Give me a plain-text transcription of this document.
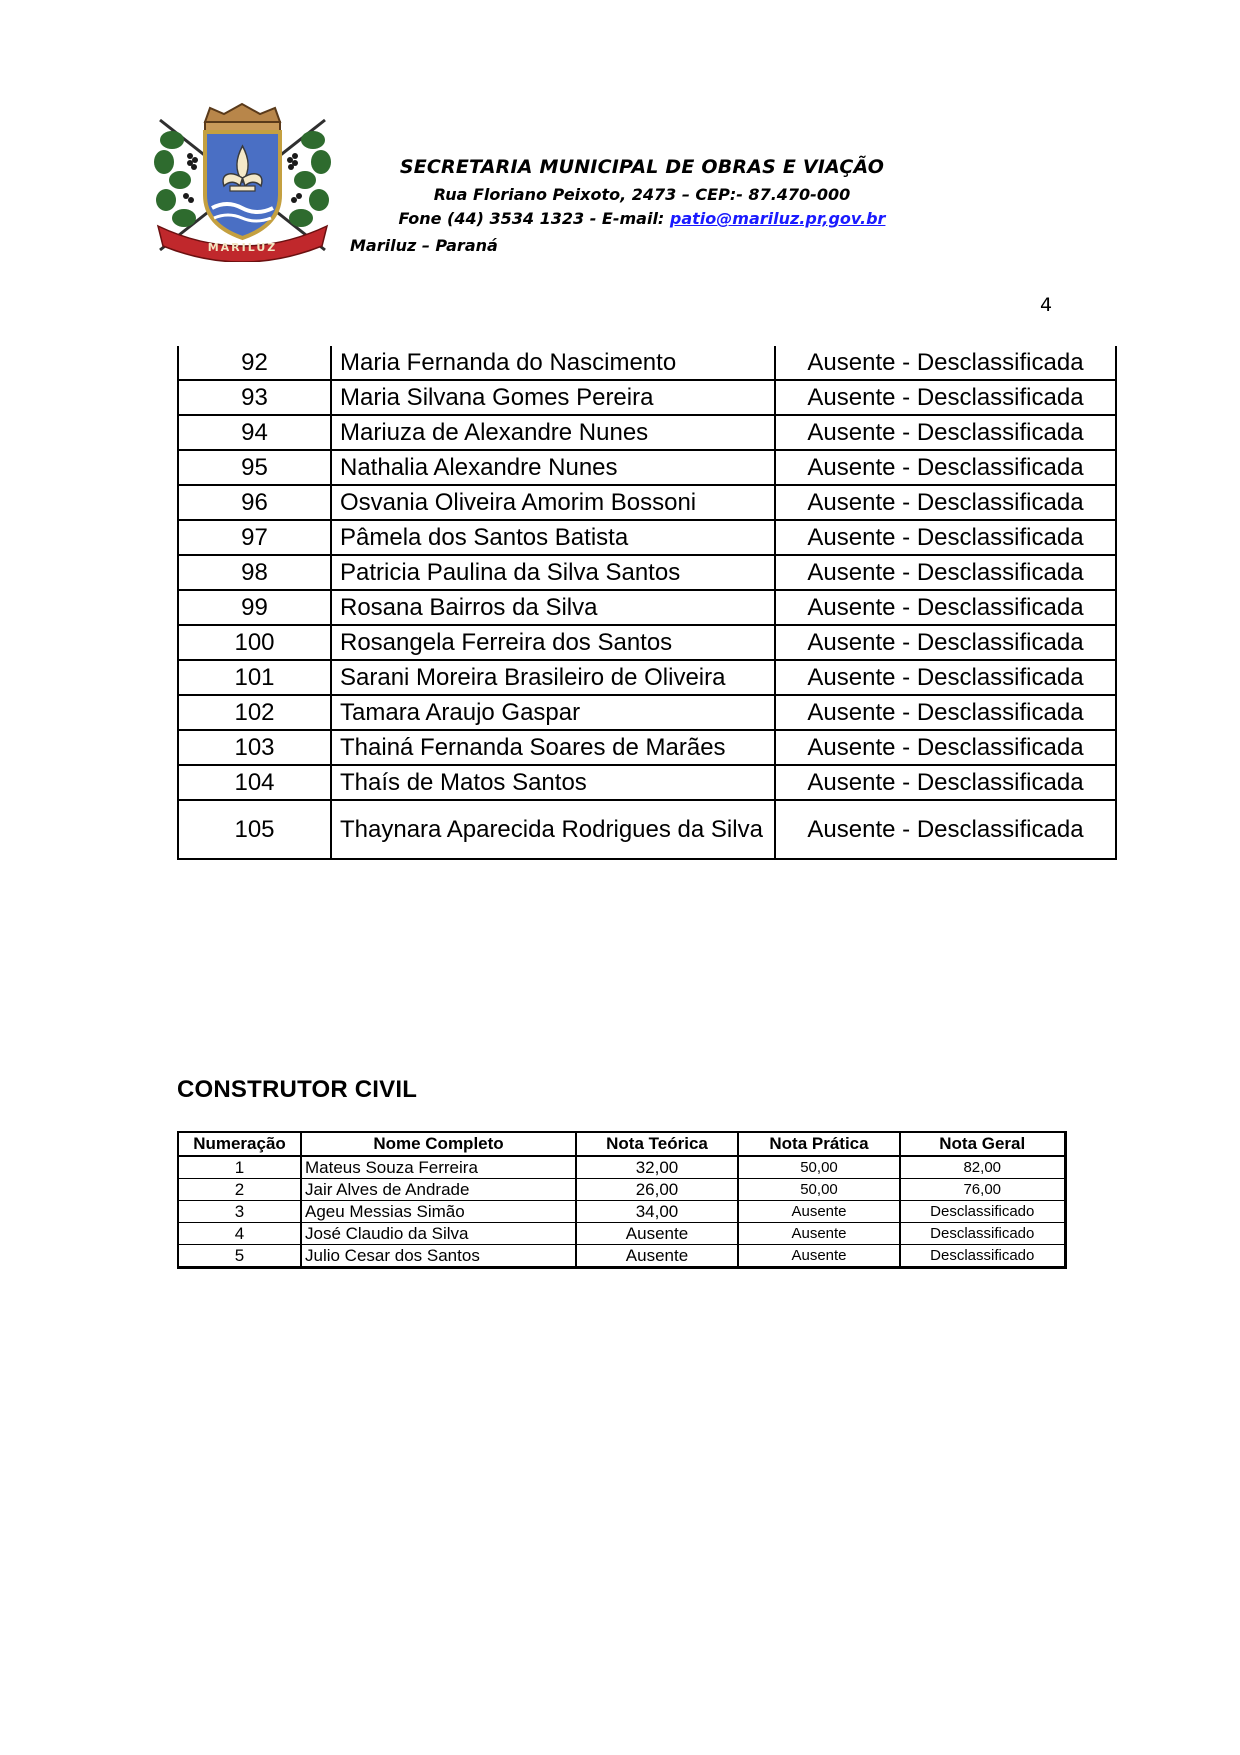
MARILUZ
SECRETARIA MUNICIPAL DE OBRAS E VIAÇÃO
Rua Floriano Peixoto, 2473 – CEP:- 87.470-000
Fone (44) 3534 1323 - E-mail: patio@mariluz.pr,gov.br
Mariluz – Paraná
4
92	Maria Fernanda do Nascimento	Ausente - Desclassificada
93	Maria Silvana Gomes Pereira	Ausente - Desclassificada
94	Mariuza de Alexandre Nunes	Ausente - Desclassificada
95	Nathalia Alexandre Nunes	Ausente - Desclassificada
96	Osvania Oliveira Amorim Bossoni	Ausente - Desclassificada
97	Pâmela dos Santos Batista	Ausente - Desclassificada
98	Patricia Paulina da Silva Santos	Ausente - Desclassificada
99	Rosana Bairros da Silva	Ausente - Desclassificada
100	Rosangela Ferreira dos Santos	Ausente - Desclassificada
101	Sarani Moreira Brasileiro de Oliveira	Ausente - Desclassificada
102	Tamara Araujo Gaspar	Ausente - Desclassificada
103	Thainá Fernanda Soares de Marães	Ausente - Desclassificada
104	Thaís de Matos Santos	Ausente - Desclassificada
105	Thaynara Aparecida Rodrigues da Silva	Ausente - Desclassificada
CONSTRUTOR CIVIL
Numeração	Nome Completo	Nota Teórica	Nota Prática	Nota Geral
1	Mateus Souza Ferreira	32,00	50,00	82,00
2	Jair Alves de Andrade	26,00	50,00	76,00
3	Ageu Messias Simão	34,00	Ausente	Desclassificado
4	José Claudio da Silva	Ausente	Ausente	Desclassificado
5	Julio Cesar dos Santos	Ausente	Ausente	Desclassificado
